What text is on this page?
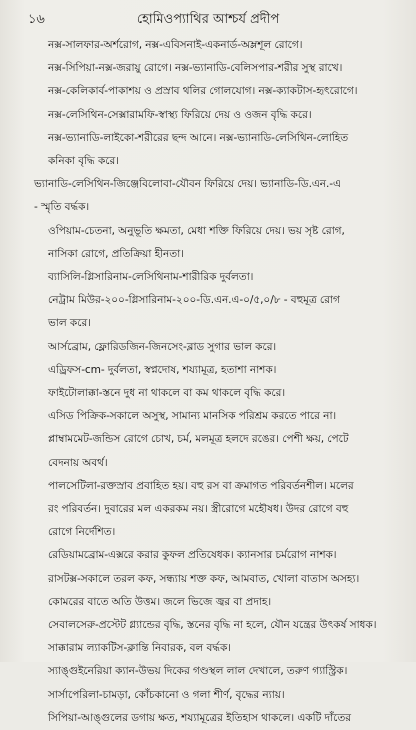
১৬	হোমিওপ্যাথির আশ্চর্য প্রদীপ
নক্স-সালফার-অর্শরোগ, নক্স-এবিসনাই-একনার্ড-অম্লশূল রোগে।
নক্স-সিপিয়া-নক্স-জরায়ু রোগে। নক্স-ভ্যানাডি-বেলিসপার-শরীর সুস্থ রাখে।
নক্স-কেলিকার্ব-পাকাশয় ও প্রস্রাব থলির গোলযোগ। নক্স-ক্যাকটাস-হৃৎরোগে।
নক্স-লেসিথিন-সেক্সারামফি-স্বাস্থ্য ফিরিয়ে দেয় ও ওজন বৃদ্ধি করে।
নক্স-ভ্যানাডি-লাইকো-শরীরের ছন্দ আনে। নক্স-ভ্যানাডি-লেসিথিন-লোহিত
কনিকা বৃদ্ধি করে।
ভ্যানাডি-লেসিথিন-জিঞ্জেবিলোবা-যৌবন ফিরিয়ে দেয়। ভ্যানাডি-ডি.এন.-এ
- স্মৃতি বর্দ্ধক।
ওপিয়াম-চেতনা, অনুভূতি ক্ষমতা, মেধা শক্তি ফিরিয়ে দেয়। ভয় সৃষ্ট রোগ,
নাসিকা রোগে, প্রতিক্রিয়া হীনতা।
ব্যাসিলি-গ্লিসারিনাম-লেসিথিনাম-শারীরিক দুর্বলতা।
নেট্রাম মিউর-২০০-গ্লিসারিনাম-২০০-ডি.এন.এ-০/৫,০/৮ - বহুমূত্র রোগ
ভাল করে।
আর্সব্রোম, ফ্লোরিডজিন-জিনসেং-ব্লাড সুগার ভাল করে।
এড্রিফস-cm- দুর্বলতা, স্বপ্নদোষ, শয্যামূত্র, হতাশা নাশক।
ফাইটোলাক্কা-স্তনে দুধ না থাকলে বা কম থাকলে বৃদ্ধি করে।
এসিড পিক্রিক-সকালে অসুস্থ, সামান্য মানসিক পরিশ্রম করতে পারে না।
প্লাম্বামমেট-জন্ডিস রোগে চোখ, চর্ম, মলমূত্র হলদে রঙের। পেশী ক্ষয়, পেটে
বেদনায় অবর্থ।
পালসেটিলা-রক্তস্রাব প্রবাহিত হয়। বহু রস বা ক্রমাগত পরিবর্তনশীল। মলের
রং পরিবর্তন। দুবারের মল একরকম নয়। স্ত্রীরোগে মহৌষধ। উদর রোগে বহু
রোগে নির্দেশিত।
রেডিয়ামব্রোম-এক্সরে করার কুফল প্রতিষেধক। ক্যানসার চর্মরোগ নাশক।
রাসটক্স-সকালে তরল কফ, সন্ধ্যায় শক্ত কফ, আমবাত, খোলা বাতাস অসহ্য।
কোমরের বাতে অতি উত্তম। জলে ভিজে জ্বর বা প্রদাহ।
সেবালসেরু-প্রস্টেট গ্ল্যান্ডের বৃদ্ধি, স্তনের বৃদ্ধি না হলে, যৌন যন্ত্রের উৎকর্ষ সাধক।
সাক্কারাম ল্যাকটিস-ক্লান্তি নিবারক, বল বর্দ্ধক।
স্যাঙ্গুইনেরিয়া ক্যান-উভয় দিকের গণ্ডস্থল লাল দেখালে, তরুণ গ্যাস্ট্রিক।
সার্সাপেরিলা-চামড়া, কোঁচকানো ও গলা শীর্ণ, বৃদ্ধের ন্যায়।
সিপিয়া-আঙ্গুলের ডগায় ক্ষত, শয্যামূত্রের ইতিহাস থাকলে। একটি দাঁতের
